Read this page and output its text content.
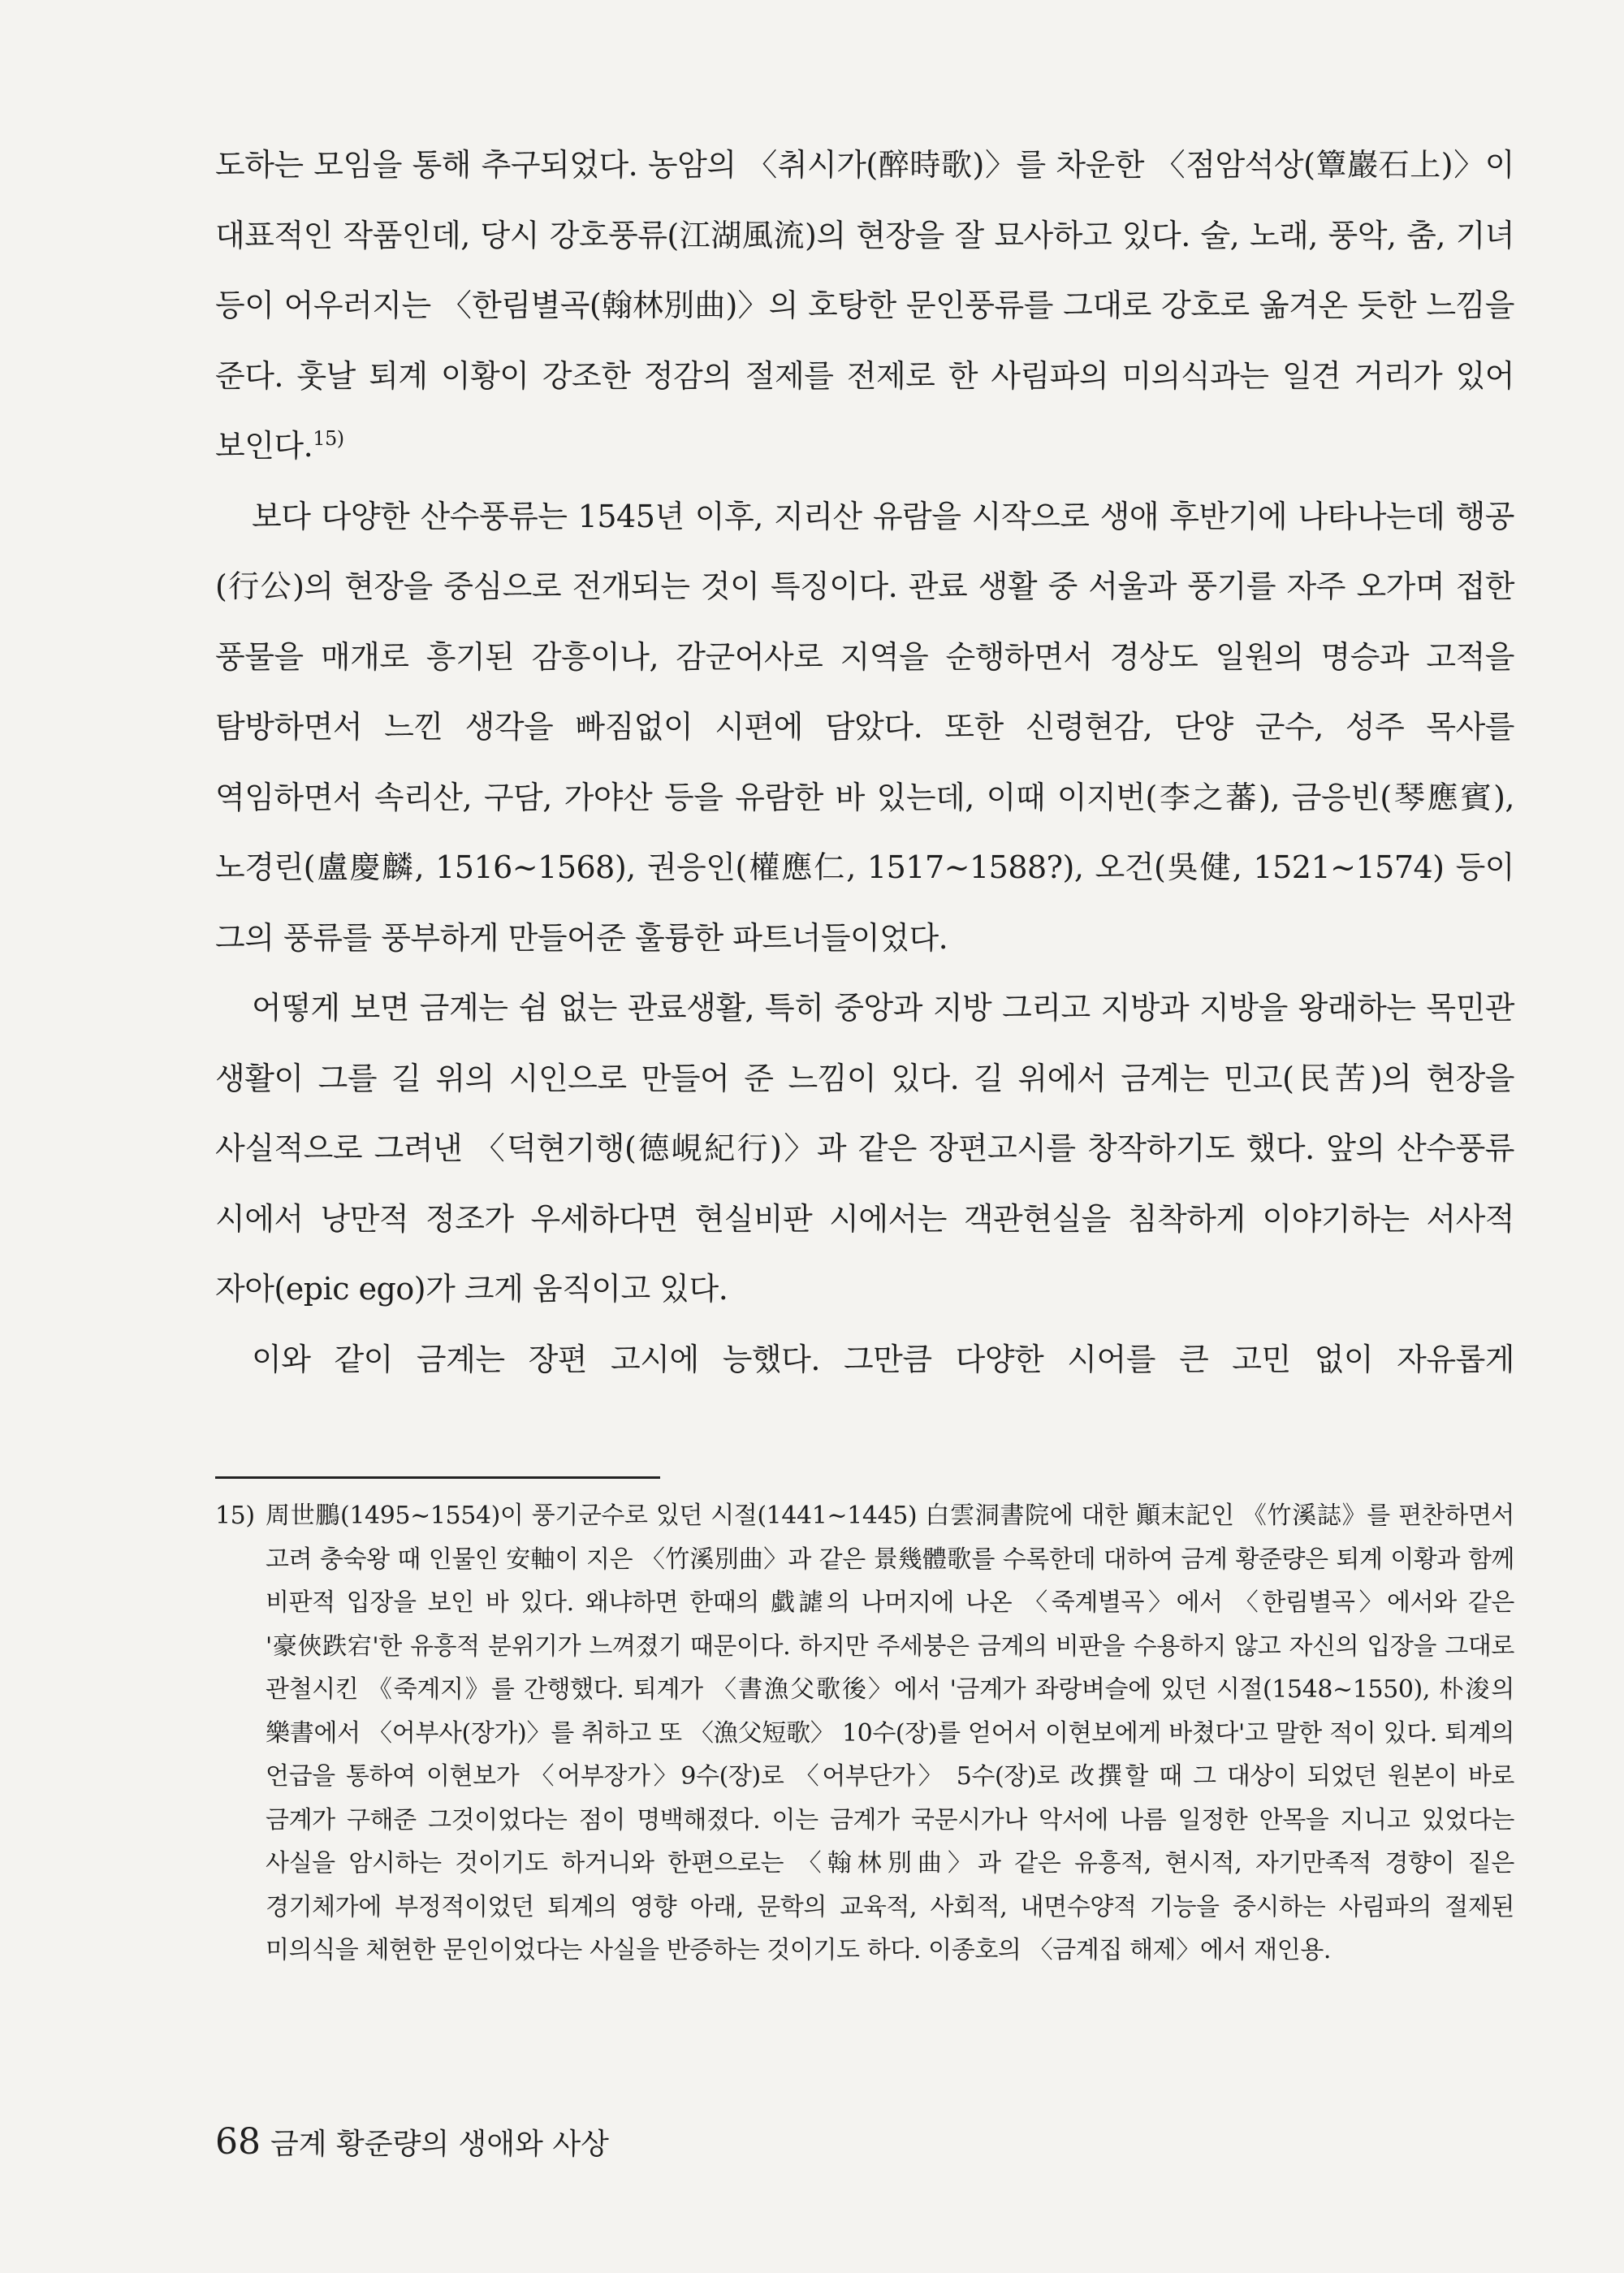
도하는 모임을 통해 추구되었다. 농암의 〈취시가(醉時歌)〉를 차운한 〈점암석상(簟巖石上)〉이 대표적인 작품인데, 당시 강호풍류(江湖風流)의 현장을 잘 묘사하고 있다. 술, 노래, 풍악, 춤, 기녀 등이 어우러지는 〈한림별곡(翰林別曲)〉의 호탕한 문인풍류를 그대로 강호로 옮겨온 듯한 느낌을 준다. 훗날 퇴계 이황이 강조한 정감의 절제를 전제로 한 사림파의 미의식과는 일견 거리가 있어 보인다.$^{15)}$

보다 다양한 산수풍류는 1545년 이후, 지리산 유람을 시작으로 생애 후반기에 나타나는데 행공(行公)의 현장을 중심으로 전개되는 것이 특징이다. 관료 생활 중 서울과 풍기를 자주 오가며 접한 풍물을 매개로 흥기된 감흥이나, 감군어사로 지역을 순행하면서 경상도 일원의 명승과 고적을 탐방하면서 느낀 생각을 빠짐없이 시편에 담았다. 또한 신령현감, 단양 군수, 성주 목사를 역임하면서 속리산, 구담, 가야산 등을 유람한 바 있는데, 이때 이지번(李之蕃), 금응빈(琴應賓), 노경린(盧慶麟, 1516~1568), 권응인(權應仁, 1517~1588?), 오건(吳健, 1521~1574) 등이 그의 풍류를 풍부하게 만들어준 훌륭한 파트너들이었다.

어떻게 보면 금계는 쉼 없는 관료생활, 특히 중앙과 지방 그리고 지방과 지방을 왕래하는 목민관 생활이 그를 길 위의 시인으로 만들어 준 느낌이 있다. 길 위에서 금계는 민고(民苦)의 현장을 사실적으로 그려낸 〈덕현기행(德峴紀行)〉과 같은 장편고시를 창작하기도 했다. 앞의 산수풍류 시에서 낭만적 정조가 우세하다면 현실비판 시에서는 객관현실을 침착하게 이야기하는 서사적 자아(epic ego)가 크게 움직이고 있다.

이와 같이 금계는 장편 고시에 능했다. 그만큼 다양한 시어를 큰 고민 없이 자유롭게

15) 周世鵬(1495~1554)이 풍기군수로 있던 시절(1441~1445) 白雲洞書院에 대한 顚末記인 《竹溪誌》를 편찬하면서 고려 충숙왕 때 인물인 安軸이 지은 〈竹溪別曲〉과 같은 景幾體歌를 수록한데 대하여 금계 황준량은 퇴계 이황과 함께 비판적 입장을 보인 바 있다. 왜냐하면 한때의 戱謔의 나머지에 나온 〈죽계별곡〉에서 〈한림별곡〉에서와 같은 '豪俠跌宕'한 유흥적 분위기가 느껴졌기 때문이다. 하지만 주세붕은 금계의 비판을 수용하지 않고 자신의 입장을 그대로 관철시킨 《죽계지》를 간행했다. 퇴계가 〈書漁父歌後〉에서 '금계가 좌랑벼슬에 있던 시절(1548~1550), 朴浚의 樂書에서 〈어부사(장가)〉를 취하고 또 〈漁父短歌〉 10수(장)를 얻어서 이현보에게 바쳤다'고 말한 적이 있다. 퇴계의 언급을 통하여 이현보가 〈어부장가〉9수(장)로 〈어부단가〉 5수(장)로 改撰할 때 그 대상이 되었던 원본이 바로 금계가 구해준 그것이었다는 점이 명백해졌다. 이는 금계가 국문시가나 악서에 나름 일정한 안목을 지니고 있었다는 사실을 암시하는 것이기도 하거니와 한편으로는 〈翰林別曲〉과 같은 유흥적, 현시적, 자기만족적 경향이 짙은 경기체가에 부정적이었던 퇴계의 영향 아래, 문학의 교육적, 사회적, 내면수양적 기능을 중시하는 사림파의 절제된 미의식을 체현한 문인이었다는 사실을 반증하는 것이기도 하다. 이종호의 〈금계집 해제〉에서 재인용.
68 금계 황준량의 생애와 사상
